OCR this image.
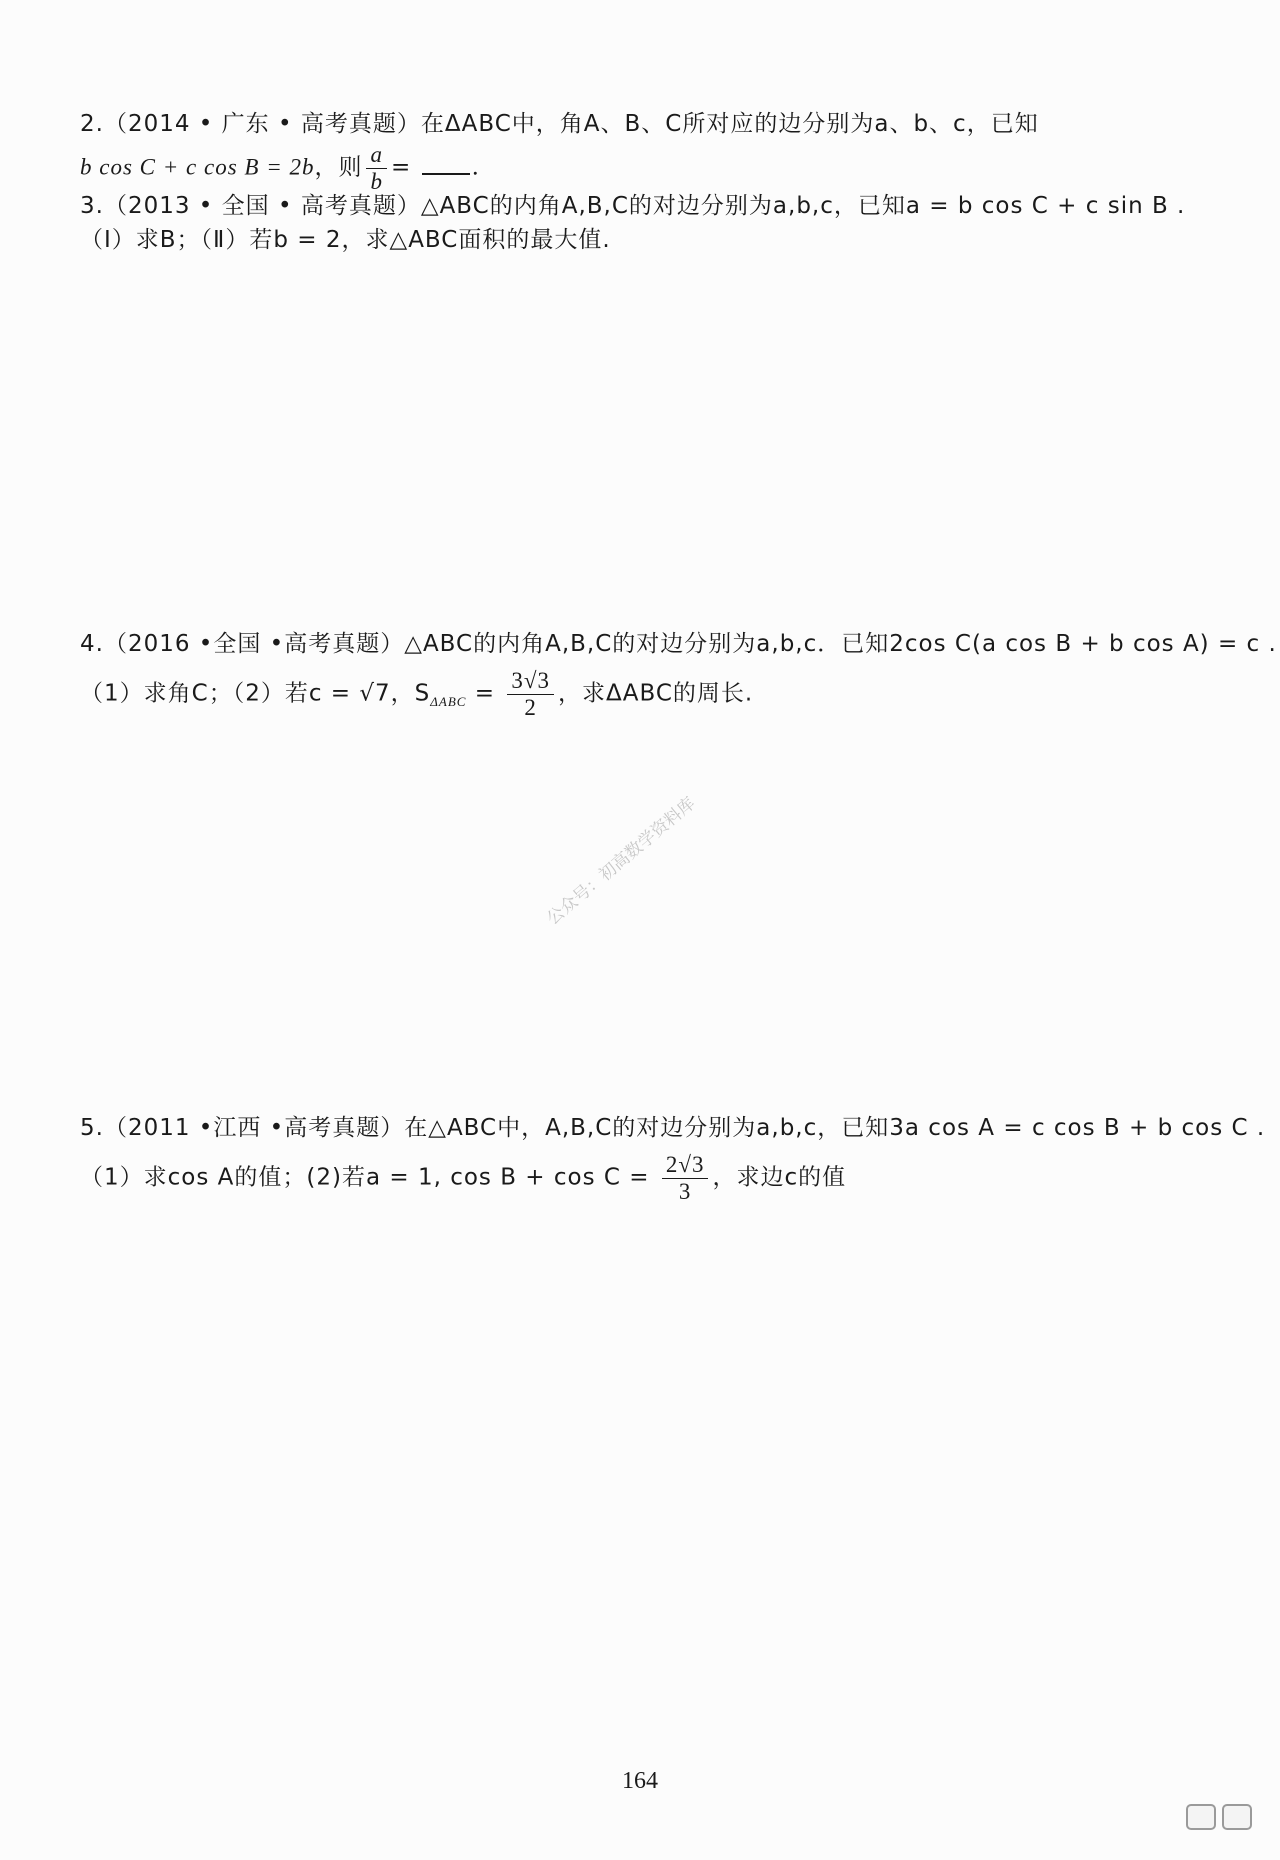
2.（2014 • 广东 • 高考真题）在ΔABC中，角A、B、C所对应的边分别为a、b、c，已知
b cos C + c cos B = 2b，则 $\frac{a}{b}$ = .
3.（2013 • 全国 • 高考真题）△ABC的内角A,B,C的对边分别为a,b,c，已知a = b cos C + c sin B .
（Ⅰ）求B；（Ⅱ）若b = 2，求△ABC面积的最大值.
4.（2016 •全国 •高考真题）△ABC的内角A,B,C的对边分别为a,b,c．已知2cos C(a cos B + b cos A) = c .
（1）求角C；（2）若c = √7，$S_{\Delta ABC} = \frac{3√3}{2}$ ，求ΔABC的周长.
公众号：初高数学资料库
5.（2011 •江西 •高考真题）在△ABC中，A,B,C的对边分别为a,b,c，已知3a cos A = c cos B + b cos C .
（1）求cos A的值；(2)若a = 1, $\cos B + \cos C = \frac{2√3}{3}$ ，求边c的值
164
